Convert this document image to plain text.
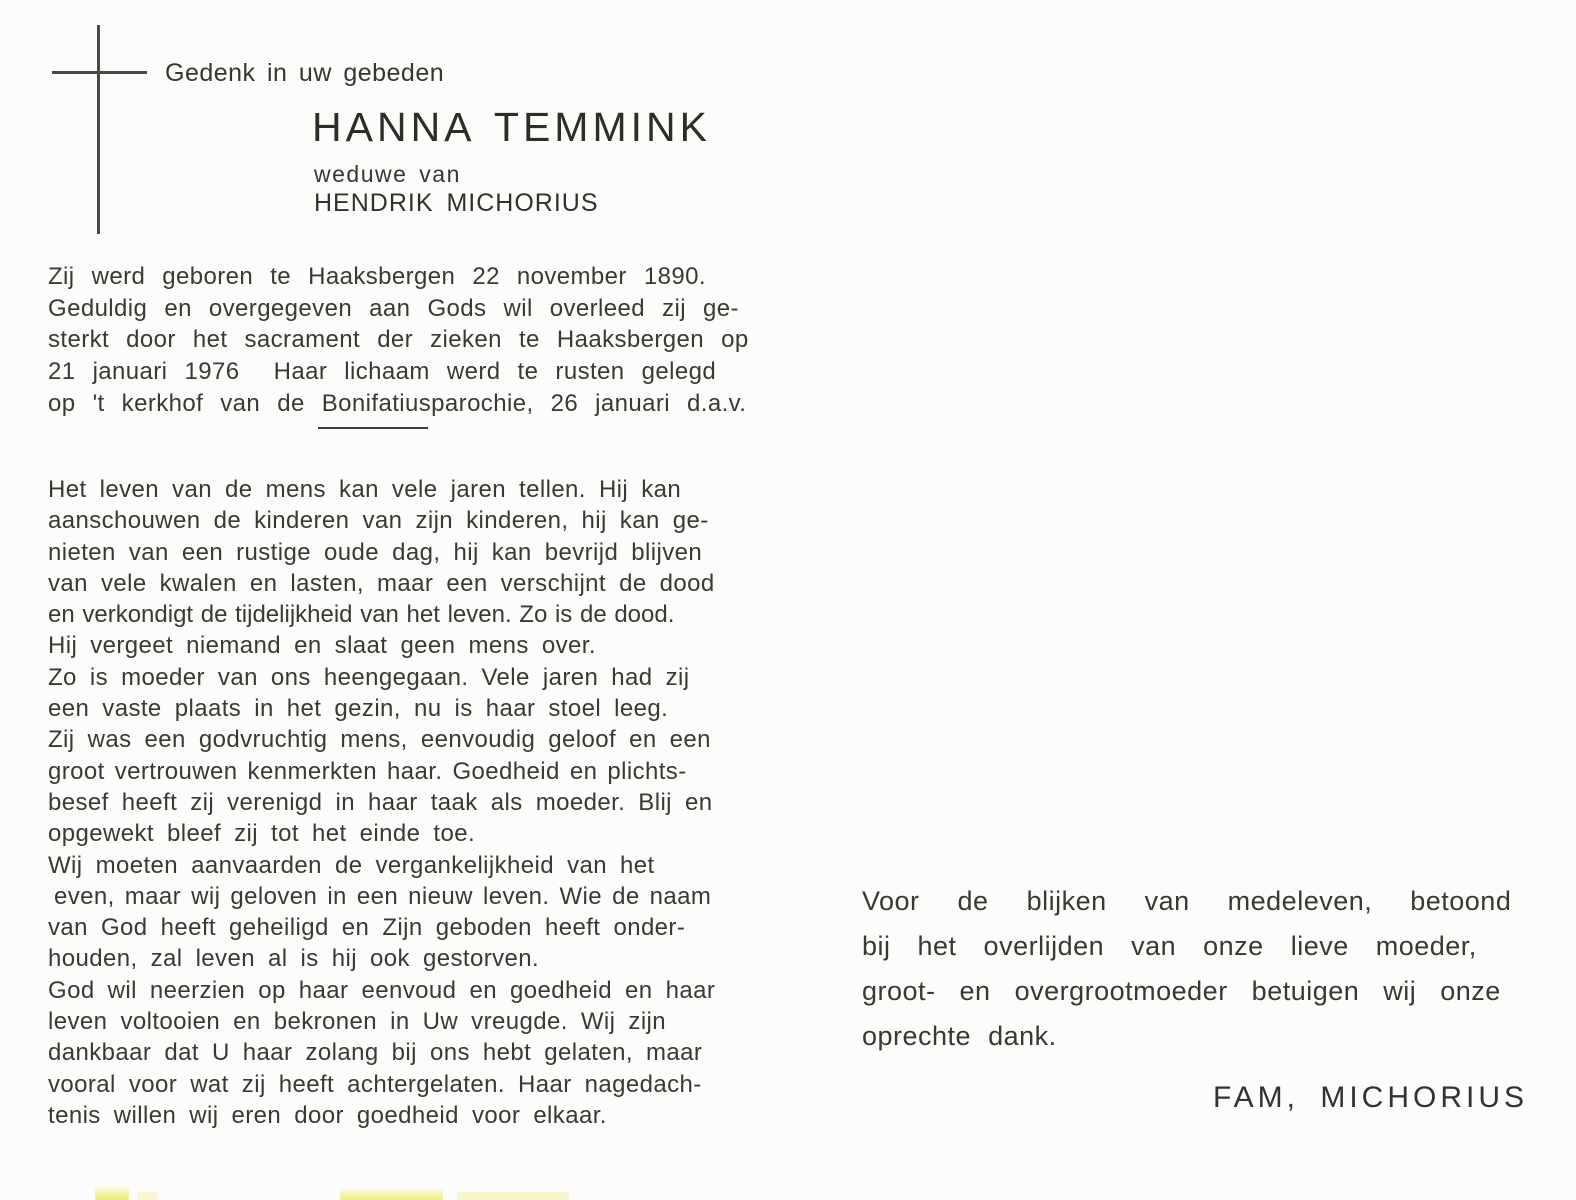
Gedenk in uw gebeden
HANNA TEMMINK
weduwe van
HENDRIK MICHORIUS
Zij werd geboren te Haaksbergen 22 november 1890.
Geduldig en overgegeven aan Gods wil overleed zij ge-
sterkt door het sacrament der zieken te Haaksbergen op
21 januari 1976  Haar lichaam werd te rusten gelegd
op 't kerkhof van de Bonifatiusparochie, 26 januari d.a.v.
Het leven van de mens kan vele jaren tellen. Hij kan
aanschouwen de kinderen van zijn kinderen, hij kan ge-
nieten van een rustige oude dag, hij kan bevrijd blijven
van vele kwalen en lasten, maar een verschijnt de dood
en verkondigt de tijdelijkheid van het leven. Zo is de dood.
Hij vergeet niemand en slaat geen mens over.
Zo is moeder van ons heengegaan. Vele jaren had zij
een vaste plaats in het gezin, nu is haar stoel leeg.
Zij was een godvruchtig mens, eenvoudig geloof en een
groot vertrouwen kenmerkten haar. Goedheid en plichts-
besef heeft zij verenigd in haar taak als moeder. Blij en
opgewekt bleef zij tot het einde toe.
Wij moeten aanvaarden de vergankelijkheid van het
even, maar wij geloven in een nieuw leven. Wie de naam
van God heeft geheiligd en Zijn geboden heeft onder-
houden, zal leven al is hij ook gestorven.
God wil neerzien op haar eenvoud en goedheid en haar
leven voltooien en bekronen in Uw vreugde. Wij zijn
dankbaar dat U haar zolang bij ons hebt gelaten, maar
vooral voor wat zij heeft achtergelaten. Haar nagedach-
tenis willen wij eren door goedheid voor elkaar.
Voor de blijken van medeleven, betoond
bij het overlijden van onze lieve moeder,
groot- en overgrootmoeder betuigen wij onze
oprechte dank.
FAM, MICHORIUS
